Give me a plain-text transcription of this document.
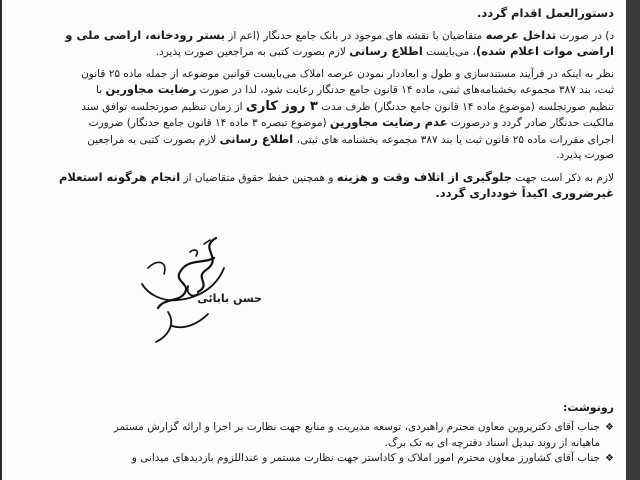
دستورالعمل اقدام گردد.
د) در صورت تداخل عرصه متقاضیان با نقشه های موجود در بانک جامع حدنگار (اعم از بستر رودخانه، اراضی ملی و
اراضی موات اعلام شده)، می‌بایست اطلاع رسانی لازم بصورت کتبی به مراجعین صورت پذیرد.
نظر به اینکه در فرآیند مستندسازی و طول و ابعاددار نمودن عرصه املاک می‌بایست قوانین موضوعه از جمله ماده ۲۵ قانون
ثبت، بند ۳۸۷ مجموعه بخشنامه‌های ثبتی، ماده ۱۴ قانون جامع حدنگار رعایت شود، لذا در صورت رضایت مجاورین با
تنظیم صورتجلسه (موضوع ماده ۱۴ قانون جامع حدنگار) ظرف مدت ۳ روز کاری از زمان تنظیم صورتجلسه توافق سند
مالکیت حدنگار صادر گردد و درصورت عدم رضایت مجاورین (موضوع تبصره ۳ ماده ۱۴ قانون جامع حدنگار) ضرورت
اجرای مقررات ماده ۲۵ قانون ثبت یا بند ۳۸۷ مجموعه بخشنامه های ثبتی، اطلاع رسانی لازم بصورت کتبی به مراجعین
صورت پذیرد.
لازم به ذکر است جهت جلوگیری از اتلاف وقت و هزینه و همچنین حفظ حقوق متقاضیان از انجام هرگونه استعلام
غیرضروری اکیداً خودداری گردد.
حسن بابائی
رونوشت:
❖
جناب آقای دکترپروین معاون محترم راهبردی، توسعه مدیریت و منابع جهت نظارت بر اجرا و ارائه گزارش مستمر
ماهیانه از روند تبدیل اسناد دفترچه ای به تک برگ.
❖
جناب آقای کشاورز معاون محترم امور املاک و کاداستر جهت نظارت مستمر و عنداللزوم بازدیدهای میدانی و
